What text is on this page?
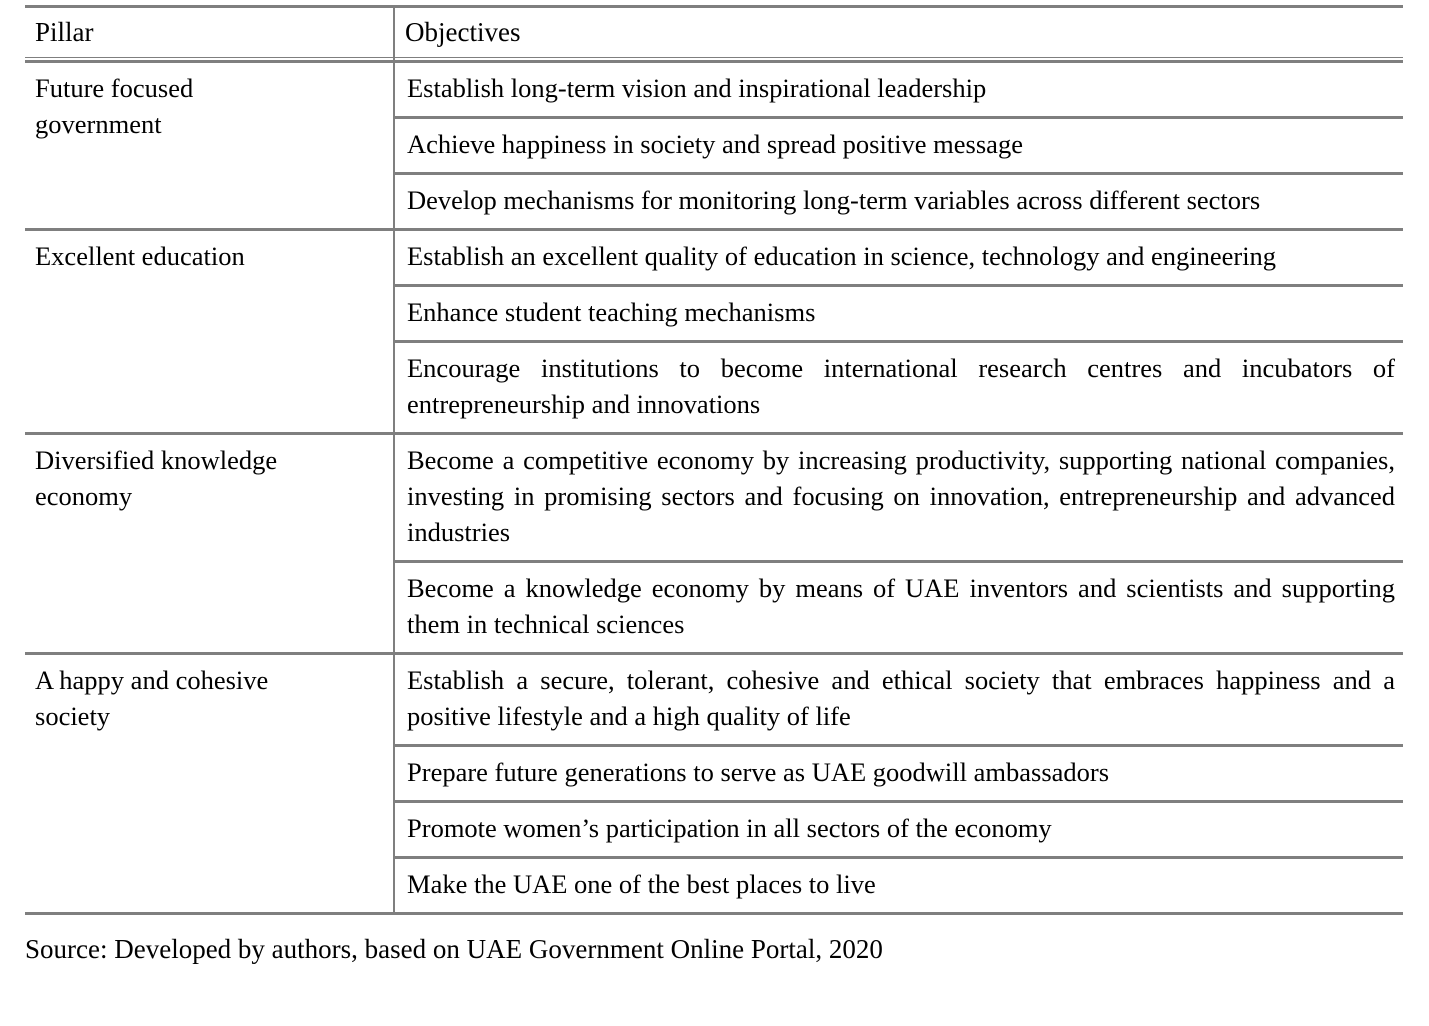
Pillar	Objectives

Future focused
government	Establish long-term vision and inspirational leadership
	Achieve happiness in society and spread positive message
	Develop mechanisms for monitoring long-term variables across different sectors

Excellent education	Establish an excellent quality of education in science, technology and engineering
	Enhance student teaching mechanisms
	Encourage institutions to become international research centres and incubators of entrepreneurship and innovations

Diversified knowledge
economy	Become a competitive economy by increasing productivity, supporting national companies, investing in promising sectors and focusing on innovation, entrepreneurship and advanced industries
	Become a knowledge economy by means of UAE inventors and scientists and supporting them in technical sciences

A happy and cohesive
society	Establish a secure, tolerant, cohesive and ethical society that embraces happiness and a positive lifestyle and a high quality of life
	Prepare future generations to serve as UAE goodwill ambassadors
	Promote women’s participation in all sectors of the economy
	Make the UAE one of the best places to live

Source: Developed by authors, based on UAE Government Online Portal, 2020
